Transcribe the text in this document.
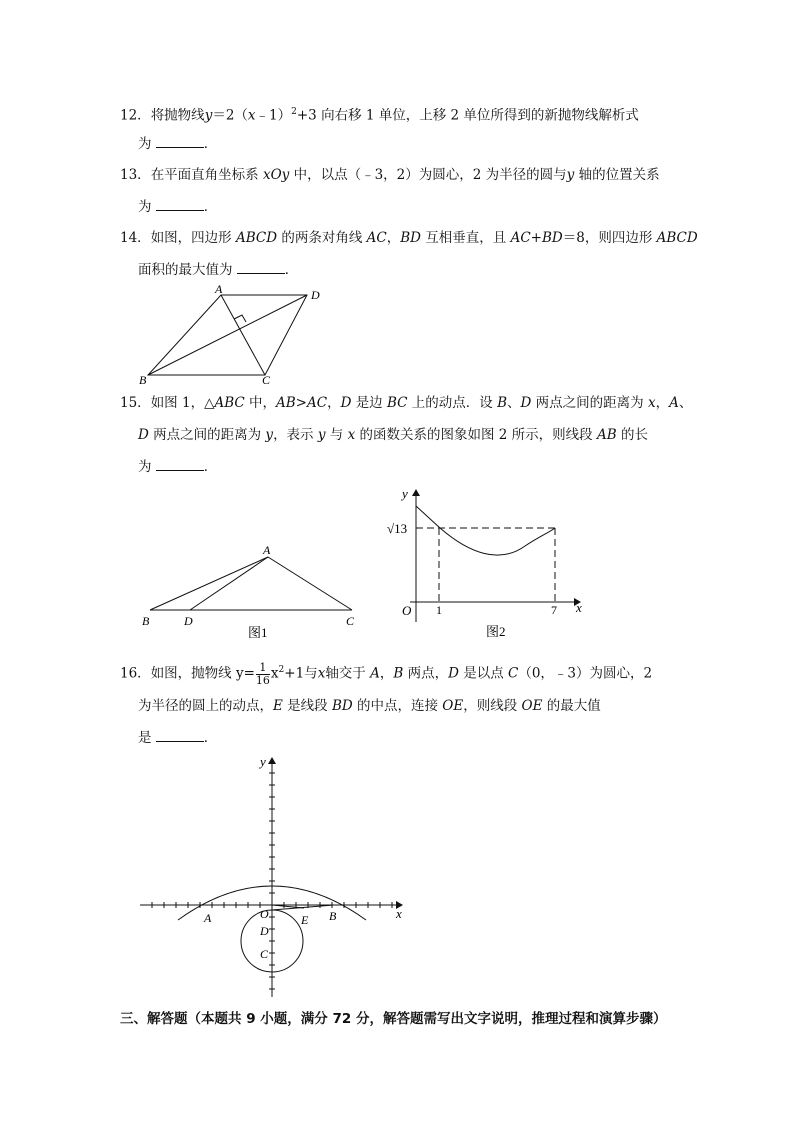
12．将抛物线y＝2（x﹣1）$^2$+3 向右移 1 单位，上移 2 单位所得到的新抛物线解析式
为	．
13．在平面直角坐标系 xOy 中，以点（﹣3，2）为圆心，2 为半径的圆与y 轴的位置关系
为	．
14．如图，四边形 ABCD 的两条对角线 AC，BD 互相垂直，且 AC+BD＝8，则四边形 ABCD
面积的最大值为	．
A	D
B	C
15．如图 1，△ABC 中，AB>AC，D 是边 BC 上的动点．设 B、D 两点之间的距离为 x，A、
D 两点之间的距离为 y，表示 y 与 x 的函数关系的图象如图 2 所示，则线段 AB 的长
为	．
A
B	D	C
图1
y
x
O
√13
1	7
图2
16．如图，抛物线 $y= \frac{1}{16} x^2+1$与x轴交于 A，B 两点，D 是以点 C（0，﹣3）为圆心，2
为半径的圆上的动点，E 是线段 BD 的中点，连接 OE，则线段 OE 的最大值
是	．
y
x
A	O	E B
D
C
三、解答题（本题共 9 小题，满分 72 分，解答题需写出文字说明，推理过程和演算步骤）
